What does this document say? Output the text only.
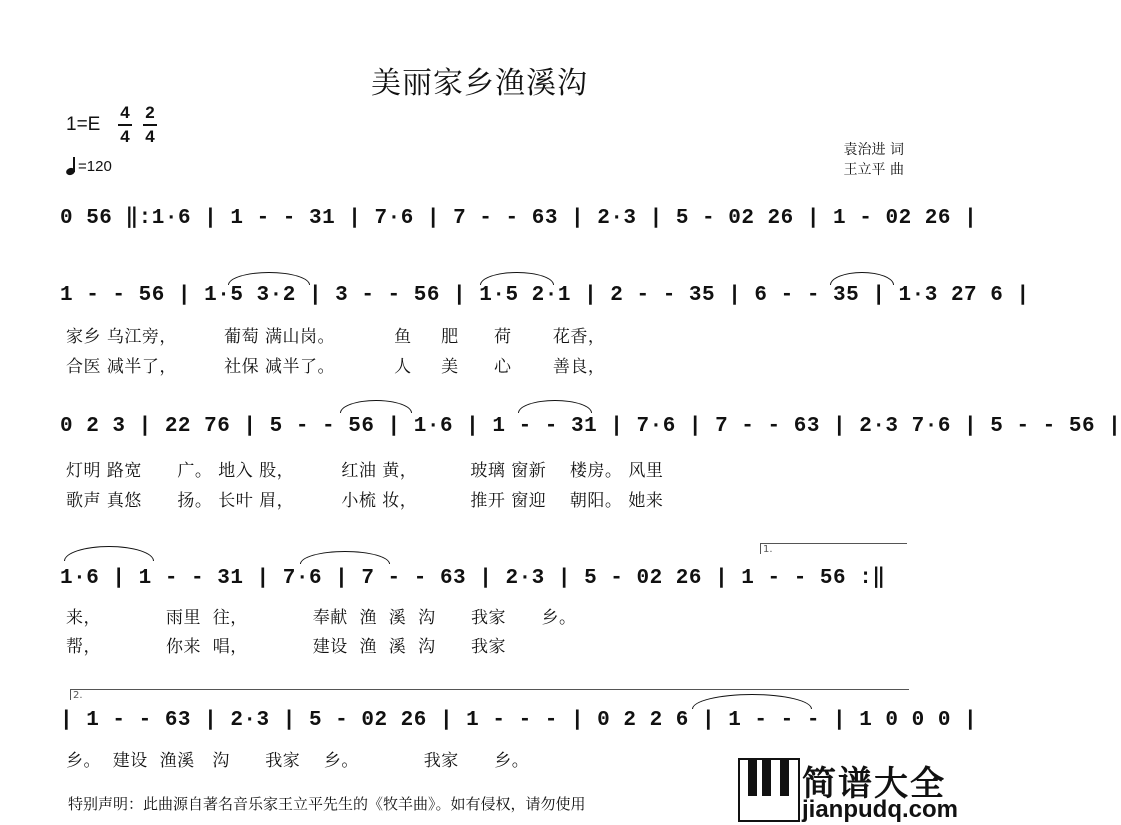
美丽家乡渔溪沟
1=E
4
4
2
4
=120
袁治进 词
王立平 曲
0 56 ‖:1·6 | 1 - - 31 | 7·6 | 7 - - 63 | 2·3 | 5 - 02 26 | 1 - 02 26 |
1 - - 56 | 1·5 3·2 | 3 - - 56 | 1·5 2·1 | 2 - - 35 | 6 - - 35 | 1·3 27 6 |
家乡 乌江旁，        葡萄 满山岗。          鱼     肥      荷       花香，
合医 减半了，        社保 减半了。          人     美      心       善良，
0 2 3 | 22 76 | 5 - - 56 | 1·6 | 1 - - 31 | 7·6 | 7 - - 63 | 2·3 7·6 | 5 - - 56 |
灯明 路宽      广。 地入 股，        红油 黄，         玻璃 窗新    楼房。 风里
歌声 真悠      扬。 长叶 眉，        小梳 妆，         推开 窗迎    朝阳。 她来
1.
1·6 | 1 - - 31 | 7·6 | 7 - - 63 | 2·3 | 5 - 02 26 | 1 - - 56 :‖
来，           雨里  往，           奉献  渔  溪  沟      我家      乡。
帮，           你来  唱，           建设  渔  溪  沟      我家
2.
| 1 - - 63 | 2·3 | 5 - 02 26 | 1 - - - | 0 2 2 6 | 1 - - - | 1 0 0 0 |
乡。  建设  渔溪   沟      我家    乡。           我家      乡。
特别声明：此曲源自著名音乐家王立平先生的《牧羊曲》。如有侵权，请勿使用	简谱大全
jianpudq.com
